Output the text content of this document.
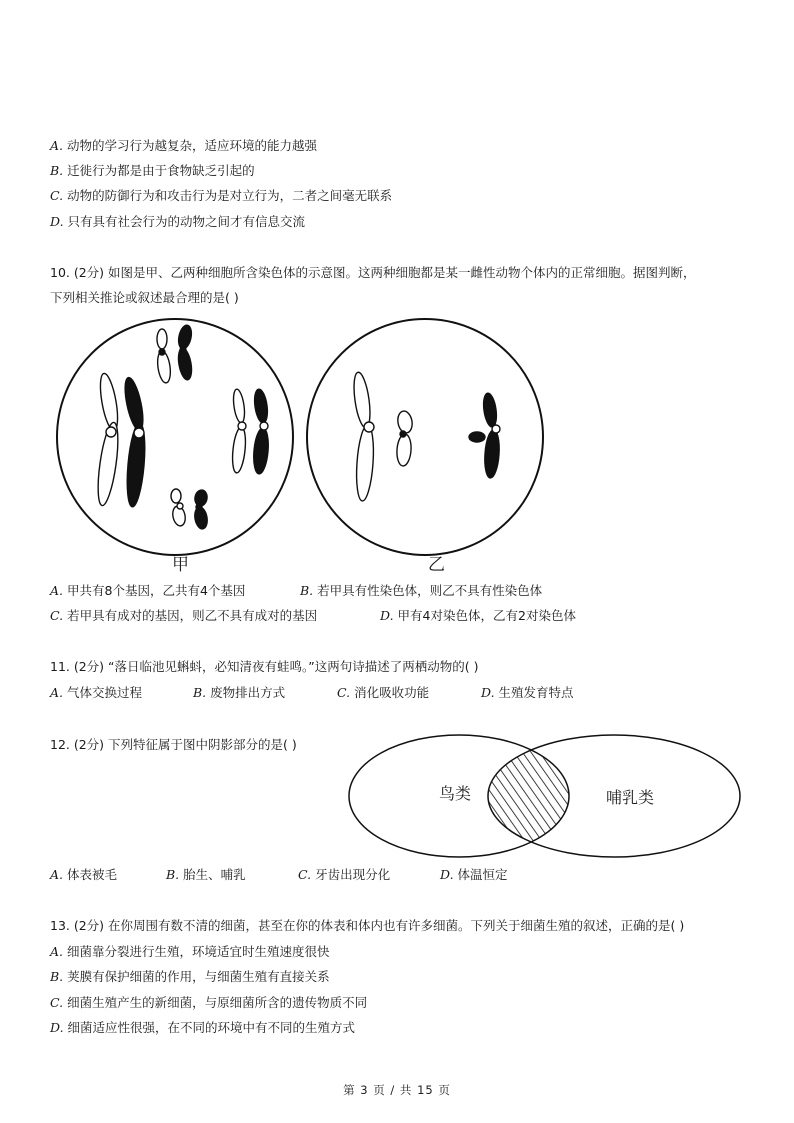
A. 动物的学习行为越复杂，适应环境的能力越强
B. 迁徙行为都是由于食物缺乏引起的
C. 动物的防御行为和攻击行为是对立行为，二者之间毫无联系
D. 只有具有社会行为的动物之间才有信息交流
10. (2分) 如图是甲、乙两种细胞所含染色体的示意图。这两种细胞都是某一雌性动物个体内的正常细胞。据图判断，
下列相关推论或叙述最合理的是( )
甲	乙
A. 甲共有8个基因，乙共有4个基因	B. 若甲具有性染色体，则乙不具有性染色体
C. 若甲具有成对的基因，则乙不具有成对的基因	D. 甲有4对染色体，乙有2对染色体
11. (2分) “落日临池见蝌蚪，必知清夜有蛙鸣。”这两句诗描述了两栖动物的( )
A. 气体交换过程	B. 废物排出方式	C. 消化吸收功能	D. 生殖发育特点
12. (2分) 下列特征属于图中阴影部分的是( )
鸟类	哺乳类
A. 体表被毛	B. 胎生、哺乳	C. 牙齿出现分化	D. 体温恒定
13. (2分) 在你周围有数不清的细菌，甚至在你的体表和体内也有许多细菌。下列关于细菌生殖的叙述，正确的是( )
A. 细菌靠分裂进行生殖，环境适宜时生殖速度很快
B. 荚膜有保护细菌的作用，与细菌生殖有直接关系
C. 细菌生殖产生的新细菌，与原细菌所含的遗传物质不同
D. 细菌适应性很强，在不同的环境中有不同的生殖方式
第 3 页 / 共 15 页
